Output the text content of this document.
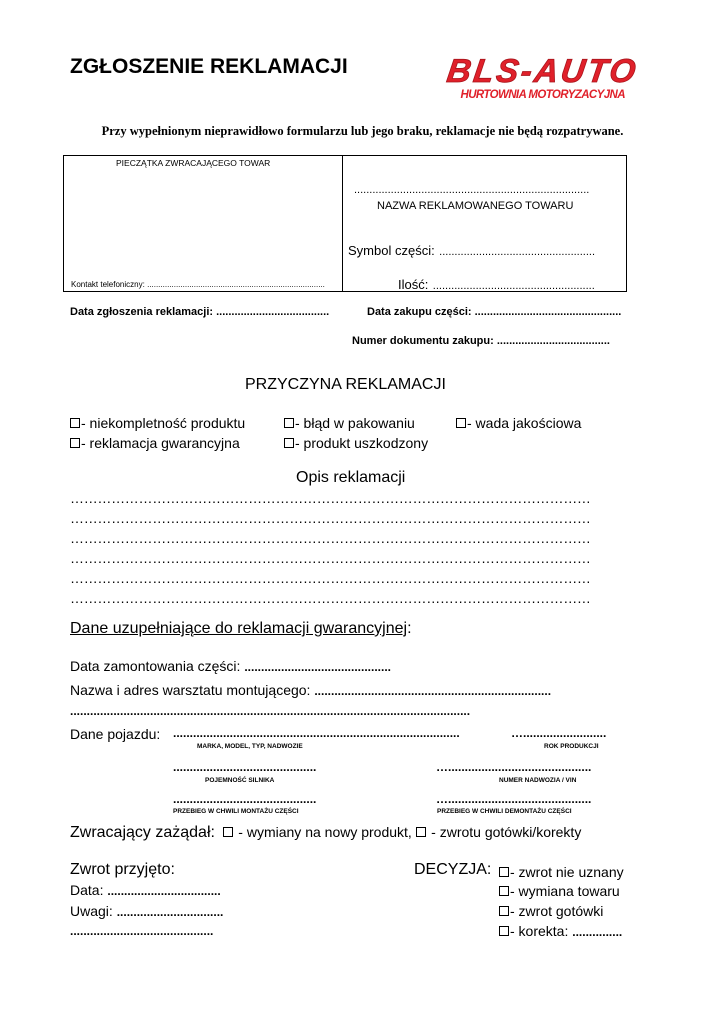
ZGŁOSZENIE REKLAMACJI	BLS-AUTO
HURTOWNIA MOTORYZACYJNA
Przy wypełnionym nieprawidłowo formularzu lub jego braku, reklamacje nie będą rozpatrywane.
PIECZĄTKA ZWRACAJĄCEGO TOWAR
Kontakt telefoniczny: ................................................................................
.............................................................................
NAZWA REKLAMOWANEGO TOWARU
Symbol części: ...................................................
Ilość: .....................................................
Data zgłoszenia reklamacji: .....................................	Data zakupu części: ................................................
Numer dokumentu zakupu: .....................................
PRZYCZYNA REKLAMACJI
- niekompletność produktu	- błąd w pakowaniu	- wada jakościowa
- reklamacja gwarancyjna	- produkt uszkodzony
Opis reklamacji
……………………………………………………………………………………………………
……………………………………………………………………………………………………
……………………………………………………………………………………………………
……………………………………………………………………………………………………
……………………………………………………………………………………………………
……………………………………………………………………………………………………
Dane uzupełniające do reklamacji gwarancyjnej:
Data zamontowania części: ............................................
Nazwa i adres warsztatu montującego: .......................................................................
........................................................................................................................
Dane pojazdu: ......................................................................................	….........................
MARKA, MODEL, TYP, NADWOZIE	ROK PRODUKCJI
...........................................	…...........................................
POJEMNOŚĆ SILNIKA	NUMER NADWOZIA / VIN
...........................................	…...........................................
PRZEBIEG W CHWILI MONTAŻU CZĘŚCI	PRZEBIEG W CHWILI DEMONTAŻU CZĘŚCI
Zwracający zażądał:  - wymiany na nowy produkt,  - zwrotu gotówki/korekty
Zwrot przyjęto:
Data: ..................................
Uwagi: ................................
...........................................
DECYZJA:	- zwrot nie uznany
- wymiana towaru
- zwrot gotówki
- korekta: ...............
